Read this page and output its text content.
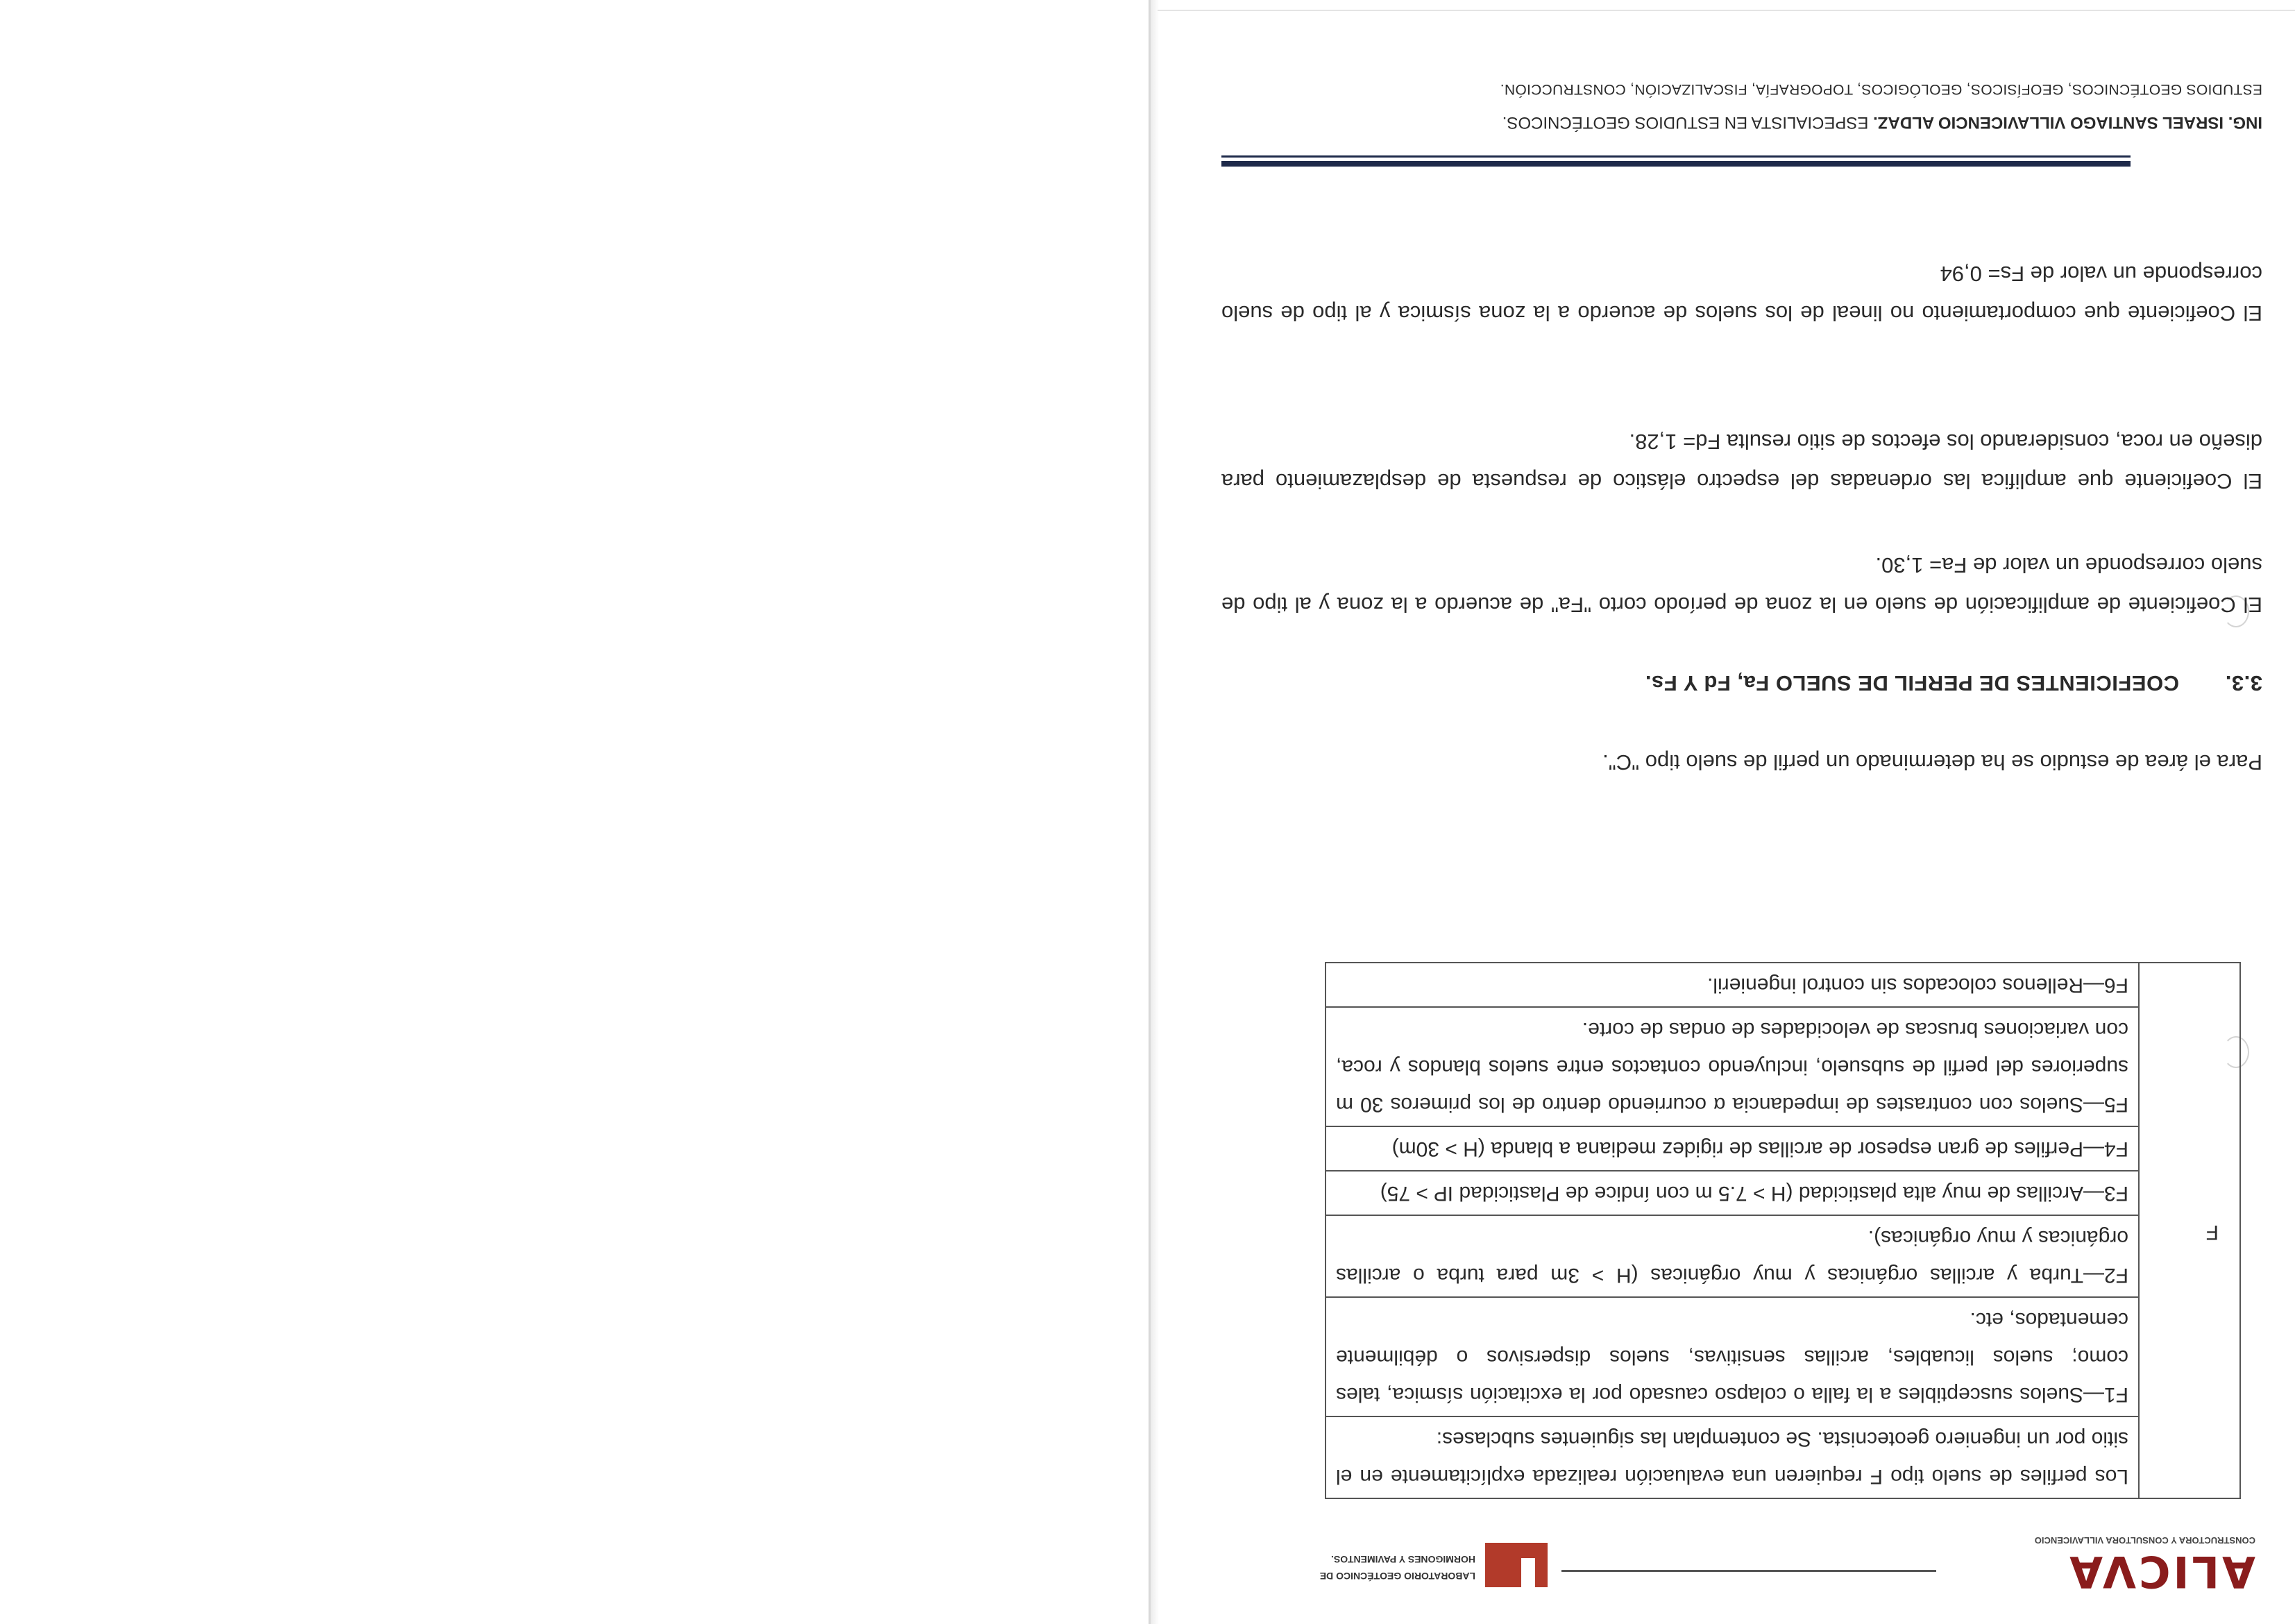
ALICVA
CONSTRUCTORA Y CONSULTORA VILLAVICENCIO
LABORATORIO GEOTÉCNICO DE
HORMIGONES Y PAVIMENTOS.
F	Los perfiles de suelo tipo F requieren una evaluación realizada explícitamente en el sitio por un ingeniero geotecnista. Se contemplan las siguientes subclases:
F1—Suelos susceptibles a la falla o colapso causado por la excitación sísmica, tales como; suelos licuables, arcillas sensitivas, suelos dispersivos o débilmente cementados, etc.
F2—Turba y arcillas orgánicas y muy orgánicas (H > 3m para turba o arcillas orgánicas y muy orgánicas).
F3—Arcillas de muy alta plasticidad (H > 7.5 m con índice de Plasticidad IP > 75)
F4—Perfiles de gran espesor de arcillas de rigidez mediana a blanda (H > 30m)
F5—Suelos con contrastes de impedancia α ocurriendo dentro de los primeros 30 m superiores del perfil de subsuelo, incluyendo contactos entre suelos blandos y roca, con variaciones bruscas de velocidades de ondas de corte.
F6—Rellenos colocados sin control ingenieril.
Para el área de estudio se ha determinado un perfil de suelo tipo "C".
3.3.COEFICIENTES DE PERFIL DE SUELO Fa, Fd Y Fs.
El Coeficiente de amplificación de suelo en la zona de período corto "Fa" de acuerdo a la zona y al tipo de suelo corresponde un valor de Fa= 1,30.
El Coeficiente que amplifica las ordenadas del espectro elástico de respuesta de desplazamiento para diseño en roca, considerando los efectos de sitio resulta Fd= 1,28.
El Coeficiente que comportamiento no lineal de los suelos de acuerdo a la zona sísmica y al tipo de suelo corresponde un valor de Fs= 0,94
ING. ISRAEL SANTIAGO VILLAVICENCIO ALDAZ. ESPECIALISTA EN ESTUDIOS GEOTÉCNICOS.
ESTUDIOS GEOTÉCNICOS, GEOFÍSICOS, GEOLÓGICOS, TOPOGRAFÍA, FISCALIZACIÓN, CONSTRUCCIÓN.
